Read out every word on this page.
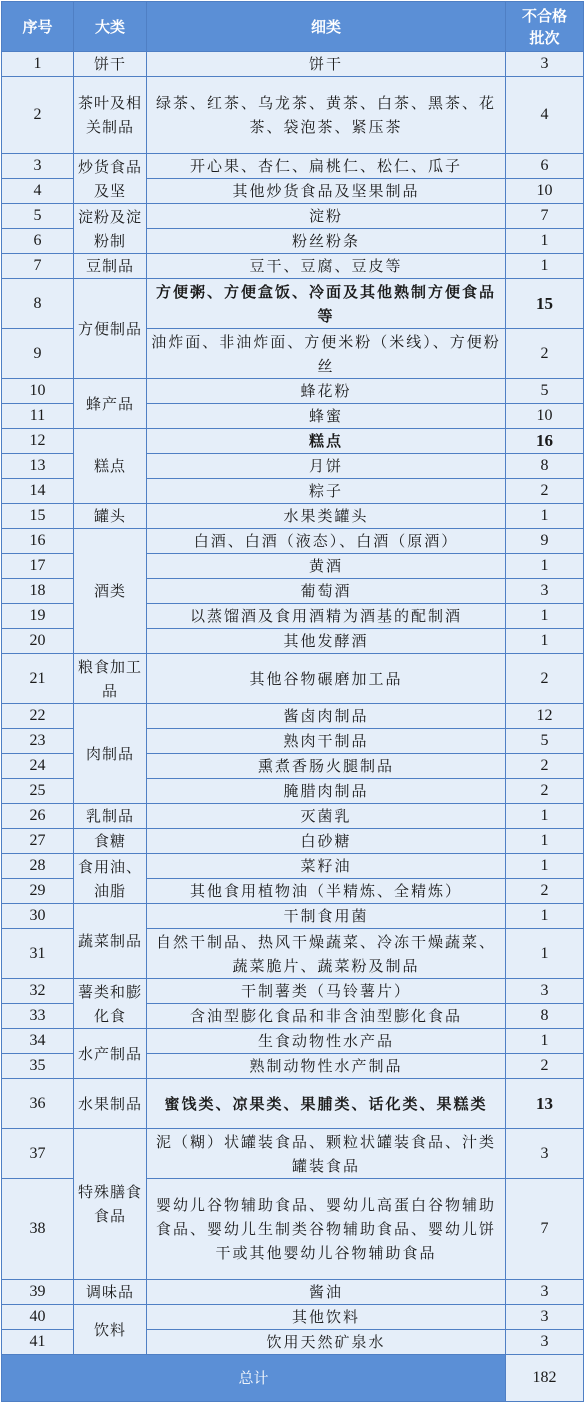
序号	大类	细类	不合格批次
1	饼干	饼干	3
2	茶叶及相关制品	绿茶、红茶、乌龙茶、黄茶、白茶、黑茶、花茶、袋泡茶、紧压茶	4
3	炒货食品及坚	开心果、杏仁、扁桃仁、松仁、瓜子	6
4		其他炒货食品及坚果制品	10
5	淀粉及淀粉制	淀粉	7
6		粉丝粉条	1
7	豆制品	豆干、豆腐、豆皮等	1
8	方便制品	方便粥、方便盒饭、冷面及其他熟制方便食品等	15
9		油炸面、非油炸面、方便米粉（米线）、方便粉丝	2
10	蜂产品	蜂花粉	5
11		蜂蜜	10
12	糕点	糕点	16
13		月饼	8
14		粽子	2
15	罐头	水果类罐头	1
16	酒类	白酒、白酒（液态）、白酒（原酒）	9
17		黄酒	1
18		葡萄酒	3
19		以蒸馏酒及食用酒精为酒基的配制酒	1
20		其他发酵酒	1
21	粮食加工品	其他谷物碾磨加工品	2
22	肉制品	酱卤肉制品	12
23		熟肉干制品	5
24		熏煮香肠火腿制品	2
25		腌腊肉制品	2
26	乳制品	灭菌乳	1
27	食糖	白砂糖	1
28	食用油、油脂	菜籽油	1
29		其他食用植物油（半精炼、全精炼）	2
30	蔬菜制品	干制食用菌	1
31		自然干制品、热风干燥蔬菜、冷冻干燥蔬菜、蔬菜脆片、蔬菜粉及制品	1
32	薯类和膨化食	干制薯类（马铃薯片）	3
33		含油型膨化食品和非含油型膨化食品	8
34	水产制品	生食动物性水产品	1
35		熟制动物性水产制品	2
36	水果制品	蜜饯类、凉果类、果脯类、话化类、果糕类	13
37	特殊膳食食品	泥（糊）状罐装食品、颗粒状罐装食品、汁类罐装食品	3
38		婴幼儿谷物辅助食品、婴幼儿高蛋白谷物辅助食品、婴幼儿生制类谷物辅助食品、婴幼儿饼干或其他婴幼儿谷物辅助食品	7
39	调味品	酱油	3
40	饮料	其他饮料	3
41		饮用天然矿泉水	3
总计			182
